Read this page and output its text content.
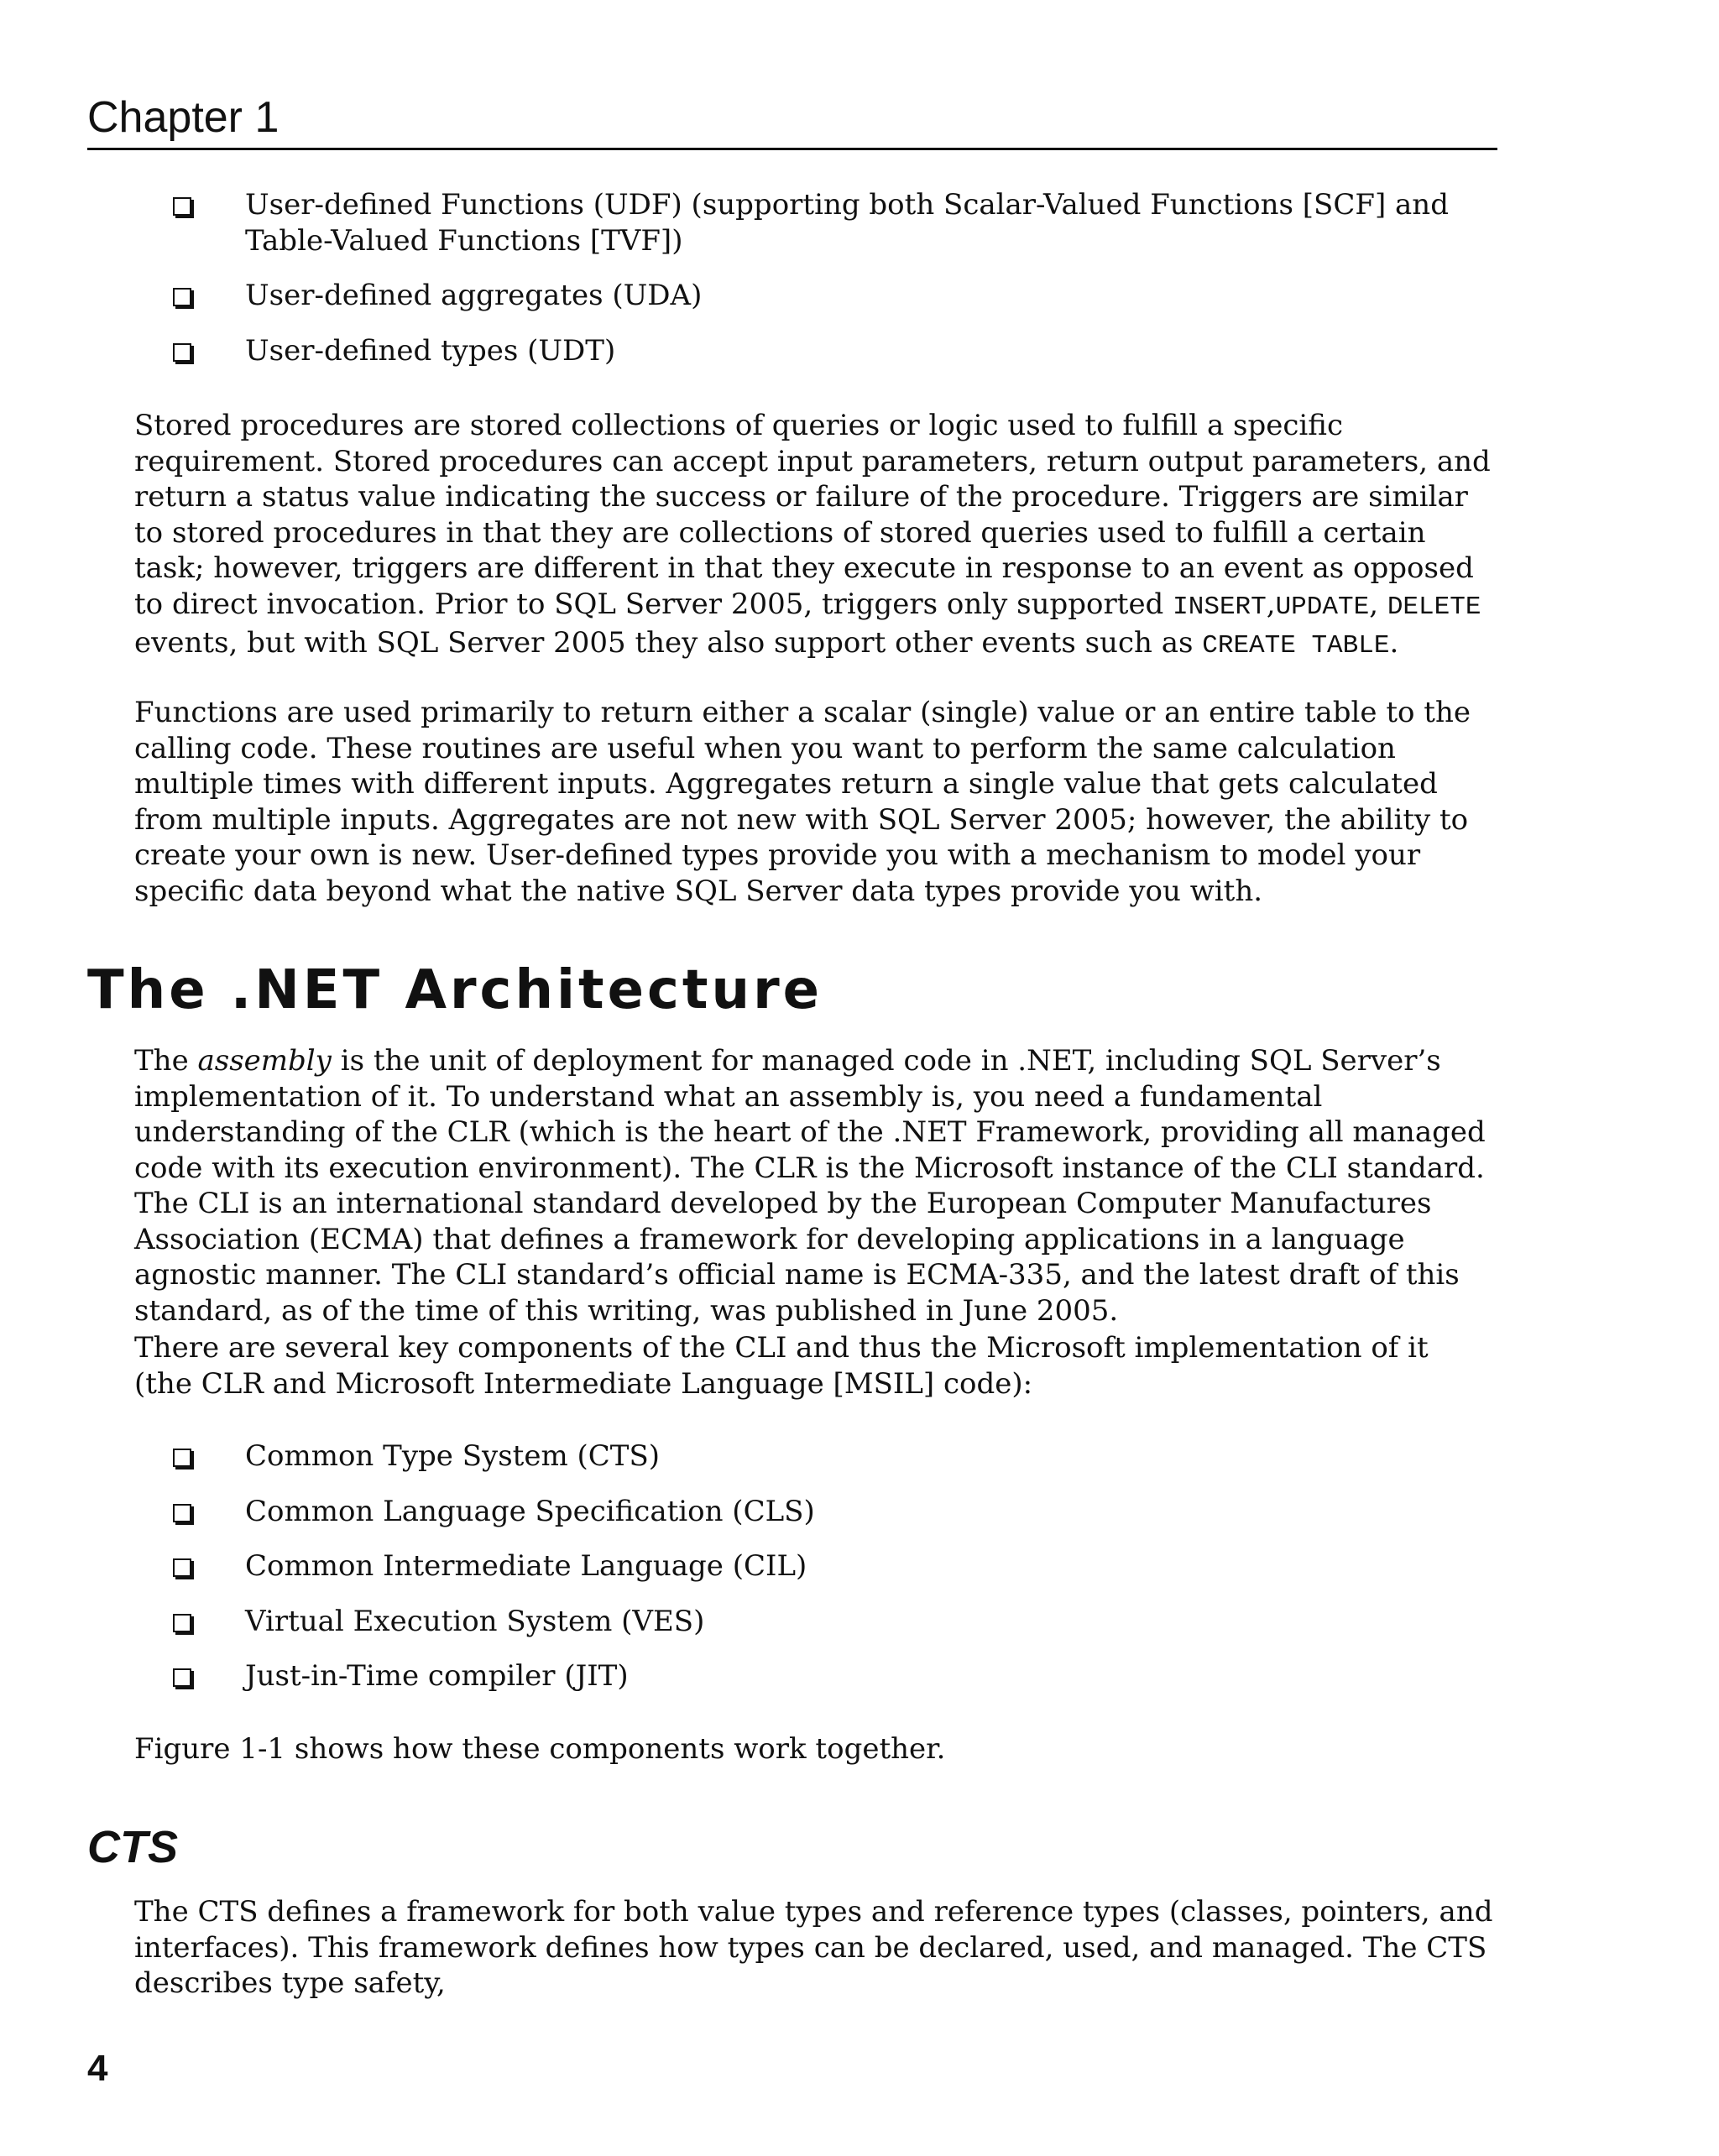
Chapter 1
User-defined Functions (UDF) (supporting both Scalar-Valued Functions [SCF] and Table-Valued Functions [TVF])
User-defined aggregates (UDA)
User-defined types (UDT)

Stored procedures are stored collections of queries or logic used to fulfill a specific requirement. Stored procedures can accept input parameters, return output parameters, and return a status value indicating the success or failure of the procedure. Triggers are similar to stored procedures in that they are collections of stored queries used to fulfill a certain task; however, triggers are different in that they execute in response to an event as opposed to direct invocation. Prior to SQL Server 2005, triggers only supported INSERT,UPDATE, DELETE events, but with SQL Server 2005 they also support other events such as CREATE TABLE.

Functions are used primarily to return either a scalar (single) value or an entire table to the calling code. These routines are useful when you want to perform the same calculation multiple times with different inputs. Aggregates return a single value that gets calculated from multiple inputs. Aggregates are not new with SQL Server 2005; however, the ability to create your own is new. User-defined types provide you with a mechanism to model your specific data beyond what the native SQL Server data types provide you with.

The .NET Architecture

The assembly is the unit of deployment for managed code in .NET, including SQL Server’s implementation of it. To understand what an assembly is, you need a fundamental understanding of the CLR (which is the heart of the .NET Framework, providing all managed code with its execution environment). The CLR is the Microsoft instance of the CLI standard. The CLI is an international standard developed by the European Computer Manufactures Association (ECMA) that defines a framework for developing applications in a language agnostic manner. The CLI standard’s official name is ECMA-335, and the latest draft of this standard, as of the time of this writing, was published in June 2005.

There are several key components of the CLI and thus the Microsoft implementation of it (the CLR and Microsoft Intermediate Language [MSIL] code):

Common Type System (CTS)
Common Language Specification (CLS)
Common Intermediate Language (CIL)
Virtual Execution System (VES)
Just-in-Time compiler (JIT)

Figure 1-1 shows how these components work together.

CTS

The CTS defines a framework for both value types and reference types (classes, pointers, and interfaces). This framework defines how types can be declared, used, and managed. The CTS describes type safety,

4
